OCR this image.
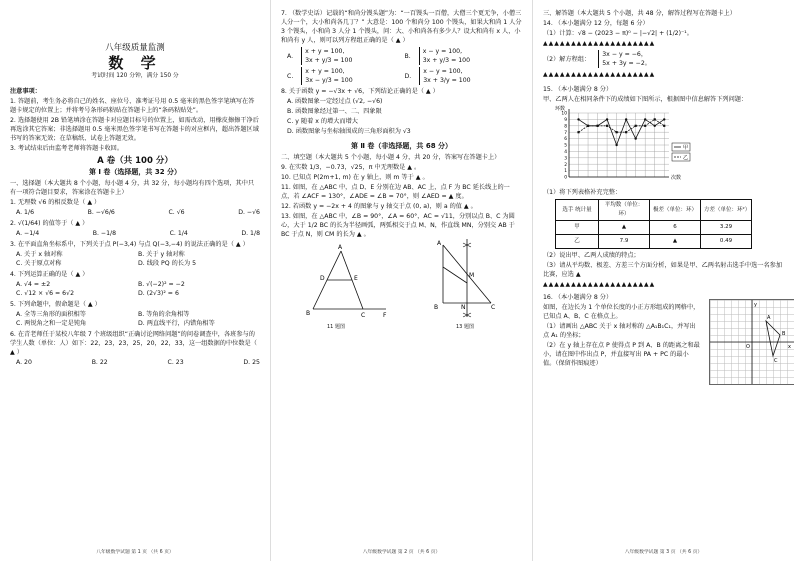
八年级质量监测
数 学
考试时间 120 分钟，满分 150 分
注意事项：
1. 答题前，考生务必将自己的姓名、座位号、准考证号用 0.5 毫米的黑色签字笔填写在答题卡规定的位置上；并将考号条形码粘贴在答题卡上的“条码粘贴处”。
2. 选择题使用 2B 铅笔填涂在答题卡对应题目标号的位置上，如需改动，用橡皮擦擦干净后再选涂其它答案；非选择题用 0.5 毫米黑色签字笔书写在答题卡的对应框内，超出答题区域书写的答案无效；在草稿纸、试卷上答题无效。
3. 考试结束后由监考老师将答题卡收回。
A 卷（共 100 分）
第 Ⅰ 卷（选择题，共 32 分）
一、选择题（本大题共 8 个小题，每小题 4 分，共 32 分，每小题均有四个选项，其中只有一项符合题目要求，答案涂在答题卡上）
1. 无理数 √6 的相反数是（ ▲ ）
A. 1/6	B. −√6/6	C. √6	D. −√6
2. √(1/64) 的值等于（ ▲ ）
A. −1/4	B. −1/8	C. 1/4	D. 1/8
3. 在平面直角坐标系中，下列关于点 P(−3,4) 与点 Q(−3,−4) 的说法正确的是（ ▲ ）
A. 关于 x 轴对称	B. 关于 y 轴对称
C. 关于原点对称	D. 线段 PQ 的长为 5
4. 下列运算正确的是（ ▲ ）
A. √4 = ±2	B. √(−2)² = −2
C. √12 × √6 = 6√2	D. (2√3)² = 6
5. 下列命题中，假命题是（ ▲ ）
A. 全等三角形的面积相等	B. 等角的余角相等
C. 两锐角之和一定是钝角	D. 两直线平行，内错角相等
6. 在青老师任于某校八年级 7 个班级组织“正确讨论网络问题”的问卷调查中，各班参与的学生人数（单位：人）如下：22，23，23，25，20，22，33，这一组数据的中位数是（ ▲ ）
A. 20	B. 22	C. 23	D. 25
八年级数学试题 第 1 页 （共 6 页）
7. （数学史话）记载的“和尚分馒头题”为：“一百馒头一百僧，大僧三个更无争，小僧三人分一个，大小和尚各几丁？” 大意是：100 个和尚分 100 个馒头，如果大和尚 1 人分 3 个馒头，小和尚 3 人分 1 个馒头，问：大、小和尚各有多少人？设大和尚有 x 人，小和尚有 y 人，则可以列方程组正确的是（ ▲ ）
A.
x + y = 100,
3x + y/3 = 100
B.
x − y = 100,
3x + y/3 = 100
C.
x + y = 100,
3x − y/3 = 100
D.
x − y = 100,
3x + 3/y = 100
8. 关于函数 y = −√3x + √6，下列结论正确的是（ ▲ ）
A. 函数图象一定经过点 (√2, −√6)
B. 函数图象经过第一、二、四象限
C. y 随着 x 的增大而增大
D. 函数图象与坐标轴围成的三角形面积为 √3
第 Ⅱ 卷（非选择题，共 68 分）
二、填空题（本大题共 5 个小题，每小题 4 分，共 20 分，答案写在答题卡上）
9. 在实数 1/3，−0.73，√25，π 中无理数是 ▲ 。
10. 已知点 P(2m+1, m) 在 y 轴上，则 m 等于 ▲ 。
11. 如图，在 △ABC 中，点 D、E 分别在边 AB、AC 上，点 F 为 BC 延长线上的一点，若 ∠ACF = 130°，∠ADE = ∠B = 70°，则 ∠AED = ▲ 度。
12. 若函数 y = −2x + 4 的图象与 y 轴交于点 (0, a)，则 a 的值 ▲ 。
13. 如图，在 △ABC 中，∠B = 90°，∠A = 60°，AC = √11，分别以点 B、C 为圆心，大于 1/2 BC 的长为半径画弧，两弧相交于点 M、N，作直线 MN，分别交 AB 于 BC 于点 N，则 CM 的长为 ▲ 。
A
D	E
B	C	F
A
M
B	N	C
11 题图	13 题图
八年级数学试题 第 2 页 （共 6 页）
三、解答题（本大题共 5 个小题，共 48 分，解答过程写在答题卡上）
14. （本小题满分 12 分，每题 6 分）
（1）计算：√8 − (2023 − π)⁰ − |−√2| + (1/2)⁻¹。
▲▲▲▲▲▲▲▲▲▲▲▲▲▲▲▲▲▲▲▲
（2）解方程组：
3x − y = −6，
5x + 3y = −2。
▲▲▲▲▲▲▲▲▲▲▲▲▲▲▲▲▲▲▲▲
15. （本小题满分 8 分）
甲、乙两人在相同条件下的成绩如下图所示，根据图中信息解答下列问题：
0
1
2
3
4
5
6
7
8
9
10
环数
次数
甲
乙
（1）将下列表格补充完整：
选手 统计量	平均数（单位：环）	极差（单位：环）	方差（单位：环²）
甲	▲	6	3.29
乙	7.9	▲	0.49
（2）说出甲、乙两人成绩的特点；
（3）请从平均数、极差、方差三个方面分析，如果是甲、乙两名射击选手中选一名参加比赛，应选 ▲
▲▲▲▲▲▲▲▲▲▲▲▲▲▲▲▲▲▲▲▲
16. （本小题满分 8 分）
如图，在边长为 1 个单位长度的小正方形组成的网格中，已知点 A、B、C 在格点上。
（1）请画出 △ABC 关于 x 轴对称的 △A₁B₁C₁，并写出点 A₁ 的坐标；
（2）在 y 轴上存在点 P 使得点 P 到 A、B 的距离之和最小，请在图中作出点 P，并直接写出 PA + PC 的最小值。（保留作图痕迹）
A
B
C
O	x
y
八年级数学试题 第 3 页 （共 6 页）
